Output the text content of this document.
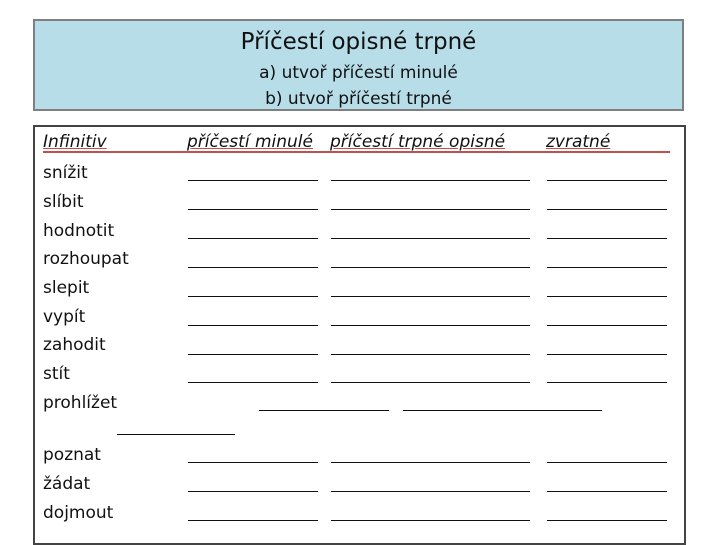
Příčestí opisné trpné
a) utvoř příčestí minulé
b) utvoř příčestí trpné
Infinitiv	příčestí minulé příčestí trpné opisné zvratné
snížit
slíbit
hodnotit
rozhoupat
slepit
vypít
zahodit
stít
prohlížet
poznat
žádat
dojmout
